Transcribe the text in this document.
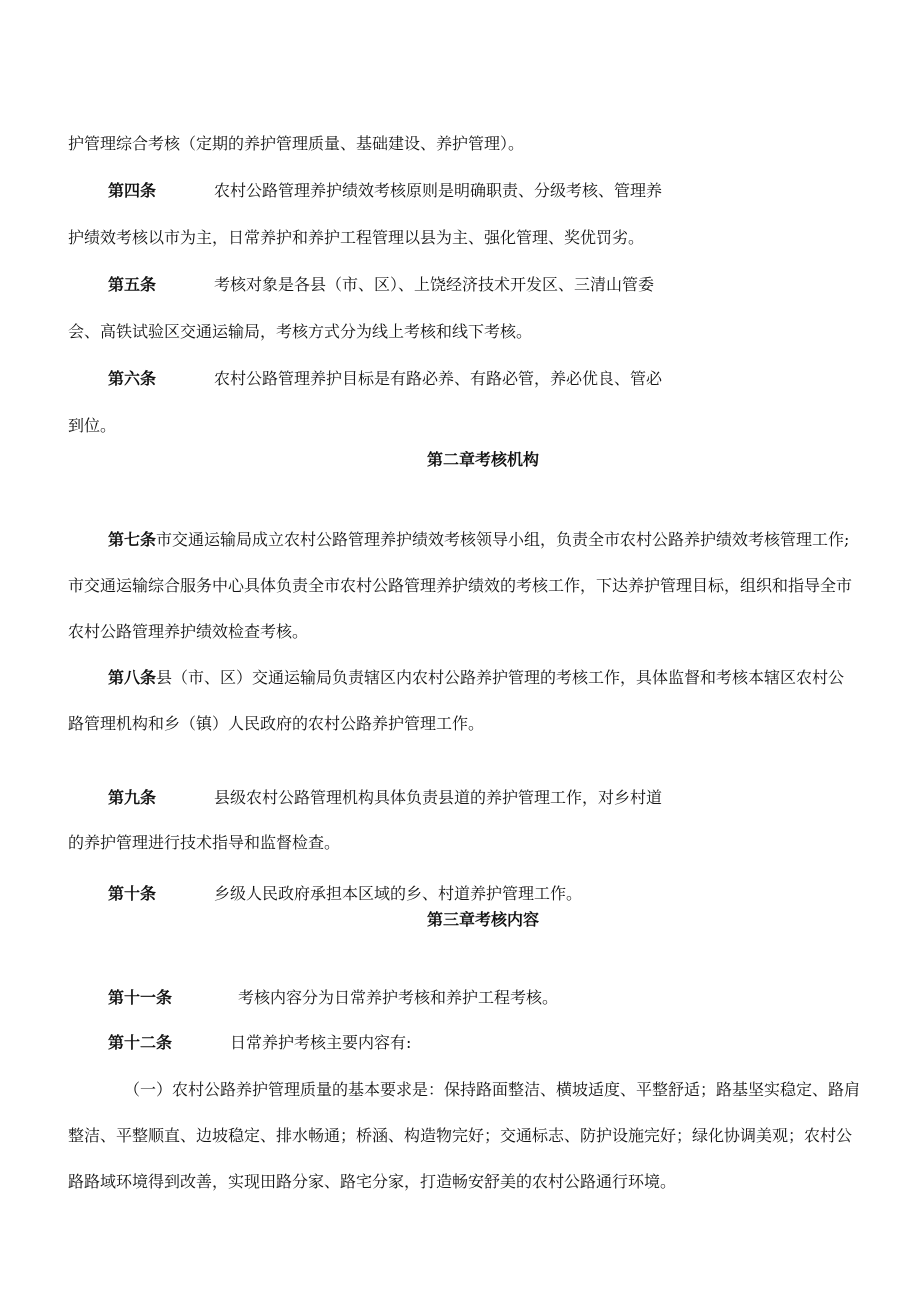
护管理综合考核（定期的养护管理质量、基础建设、养护管理）。
第四条	农村公路管理养护绩效考核原则是明确职责、分级考核、管理养
护绩效考核以市为主，日常养护和养护工程管理以县为主、强化管理、奖优罚劣。
第五条	考核对象是各县（市、区）、上饶经济技术开发区、三清山管委
会、高铁试验区交通运输局，考核方式分为线上考核和线下考核。
第六条	农村公路管理养护目标是有路必养、有路必管，养必优良、管必
到位。
第二章考核机构
第七条市交通运输局成立农村公路管理养护绩效考核领导小组，负责全市农村公路养护绩效考核管理工作;
市交通运输综合服务中心具体负责全市农村公路管理养护绩效的考核工作，下达养护管理目标，组织和指导全市
农村公路管理养护绩效检查考核。
第八条县（市、区）交通运输局负责辖区内农村公路养护管理的考核工作，具体监督和考核本辖区农村公
路管理机构和乡（镇）人民政府的农村公路养护管理工作。
第九条	县级农村公路管理机构具体负责县道的养护管理工作，对乡村道
的养护管理进行技术指导和监督检查。
第十条	乡级人民政府承担本区域的乡、村道养护管理工作。
第三章考核内容
第十一条	考核内容分为日常养护考核和养护工程考核。
第十二条	日常养护考核主要内容有:
（一）农村公路养护管理质量的基本要求是：保持路面整洁、横坡适度、平整舒适；路基坚实稳定、路肩
整洁、平整顺直、边坡稳定、排水畅通；桥涵、构造物完好；交通标志、防护设施完好；绿化协调美观；农村公
路路域环境得到改善，实现田路分家、路宅分家，打造畅安舒美的农村公路通行环境。
